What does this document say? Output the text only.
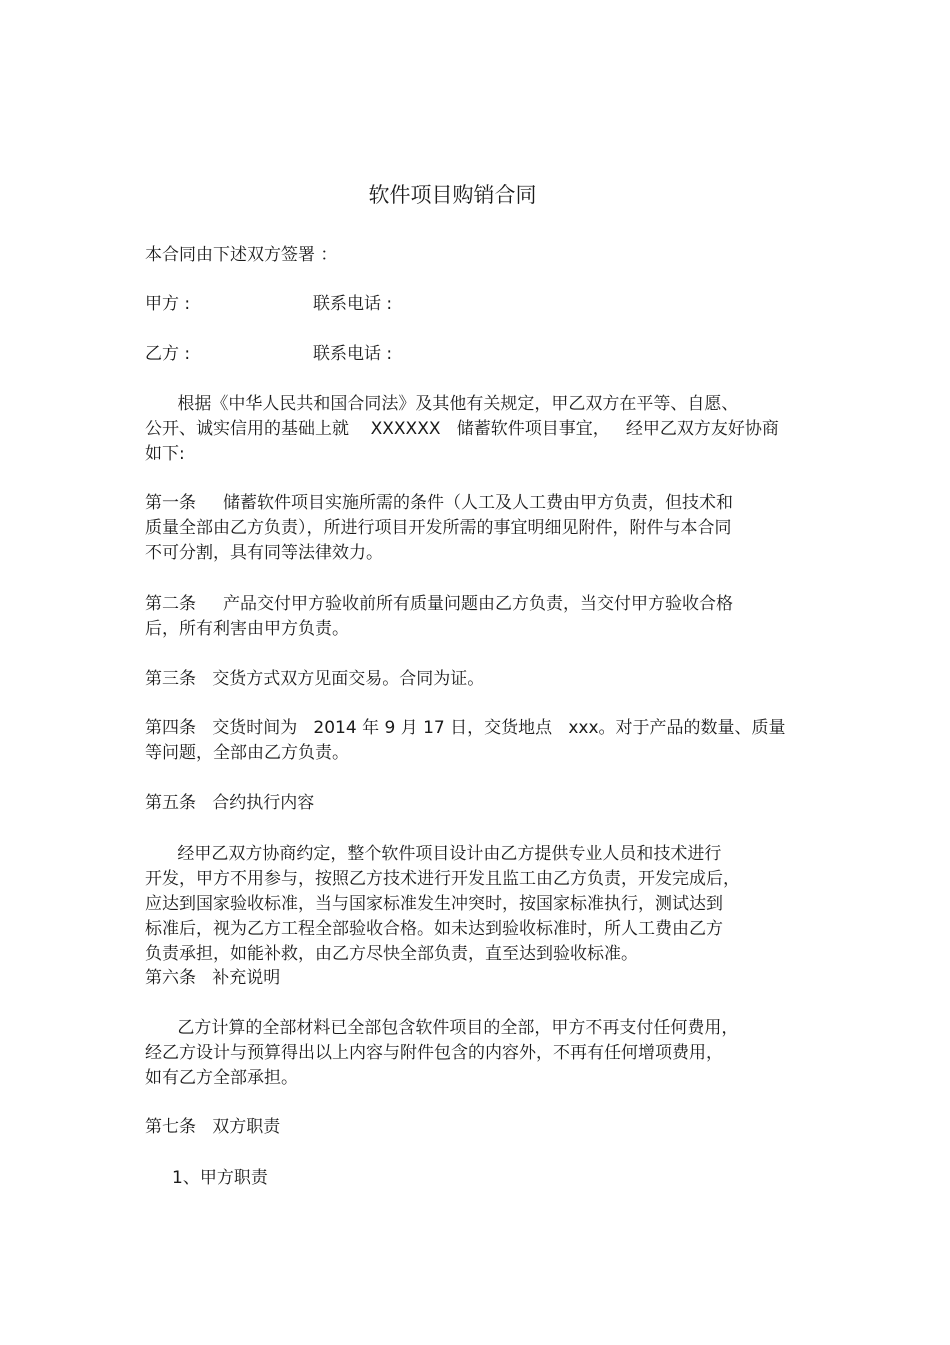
软件项目购销合同
本合同由下述双方签署 ：
甲方 :	联系电话 :
乙方 :	联系电话 :
根据《中华人民共和国合同法》及其他有关规定，甲乙双方在平等、自愿、
公开、诚实信用的基础上就    XXXXXX   储蓄软件项目事宜，   经甲乙双方友好协商
如下:
第一条     储蓄软件项目实施所需的条件（人工及人工费由甲方负责，但技术和
质量全部由乙方负责），所进行项目开发所需的事宜明细见附件，附件与本合同
不可分割，具有同等法律效力。
第二条     产品交付甲方验收前所有质量问题由乙方负责，当交付甲方验收合格
后，所有利害由甲方负责。
第三条   交货方式双方见面交易。合同为证。
第四条   交货时间为   2014 年 9 月 17 日，交货地点   xxx。对于产品的数量、质量
等问题，全部由乙方负责。
第五条   合约执行内容
经甲乙双方协商约定，整个软件项目设计由乙方提供专业人员和技术进行
开发，甲方不用参与，按照乙方技术进行开发且监工由乙方负责，开发完成后，
应达到国家验收标准，当与国家标准发生冲突时，按国家标准执行，测试达到
标准后，视为乙方工程全部验收合格。如未达到验收标准时，所人工费由乙方
负责承担，如能补救，由乙方尽快全部负责，直至达到验收标准。
第六条   补充说明
乙方计算的全部材料已全部包含软件项目的全部，甲方不再支付任何费用，
经乙方设计与预算得出以上内容与附件包含的内容外，不再有任何增项费用，
如有乙方全部承担。
第七条   双方职责
1、甲方职责
